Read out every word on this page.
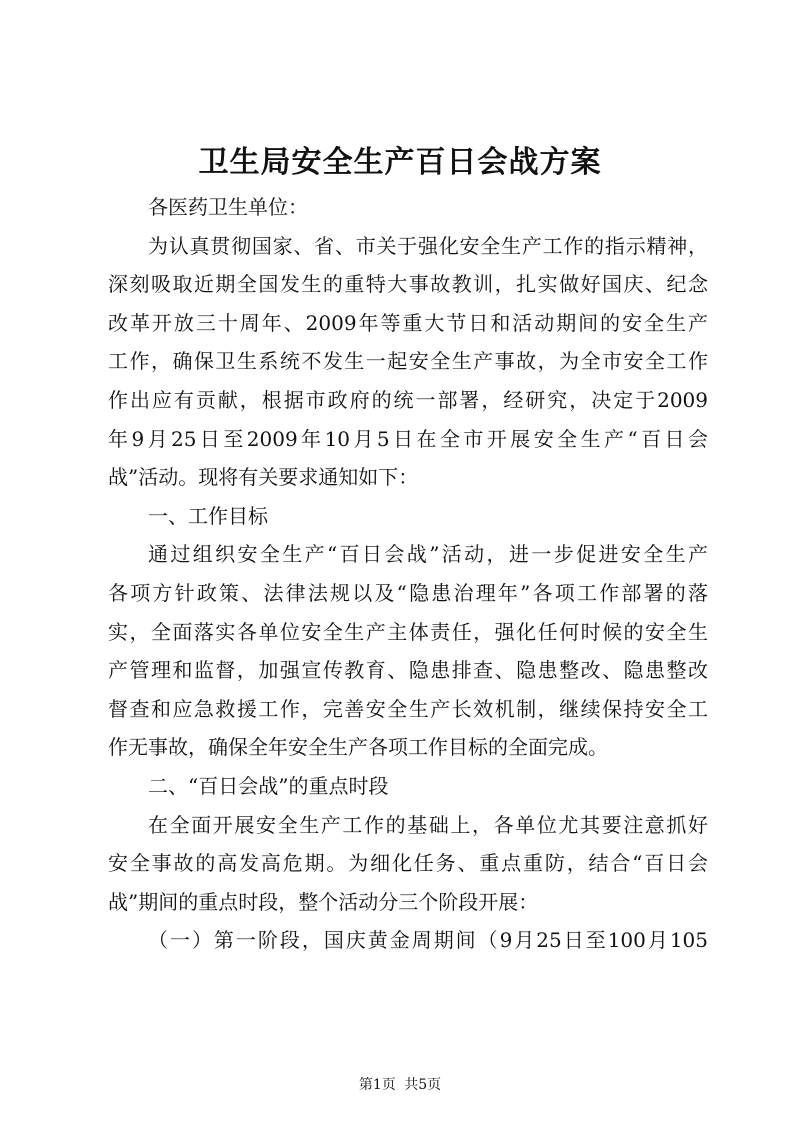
卫生局安全生产百日会战方案
各医药卫生单位：
为认真贯彻国家、省、市关于强化安全生产工作的指示精神，
深刻吸取近期全国发生的重特大事故教训，扎实做好国庆、纪念
改革开放三十周年、2009年等重大节日和活动期间的安全生产
工作，确保卫生系统不发生一起安全生产事故，为全市安全工作
作出应有贡献，根据市政府的统一部署，经研究，决定于2009
年9月25日至2009年10月5日在全市开展安全生产“百日会
战”活动。现将有关要求通知如下：
一、工作目标
通过组织安全生产“百日会战”活动，进一步促进安全生产
各项方针政策、法律法规以及“隐患治理年”各项工作部署的落
实，全面落实各单位安全生产主体责任，强化任何时候的安全生
产管理和监督，加强宣传教育、隐患排查、隐患整改、隐患整改
督查和应急救援工作，完善安全生产长效机制，继续保持安全工
作无事故，确保全年安全生产各项工作目标的全面完成。
二、“百日会战”的重点时段
在全面开展安全生产工作的基础上，各单位尤其要注意抓好
安全事故的高发高危期。为细化任务、重点重防，结合“百日会
战”期间的重点时段，整个活动分三个阶段开展：
（一）第一阶段，国庆黄金周期间（9月25日至100月105
第1页 共5页
